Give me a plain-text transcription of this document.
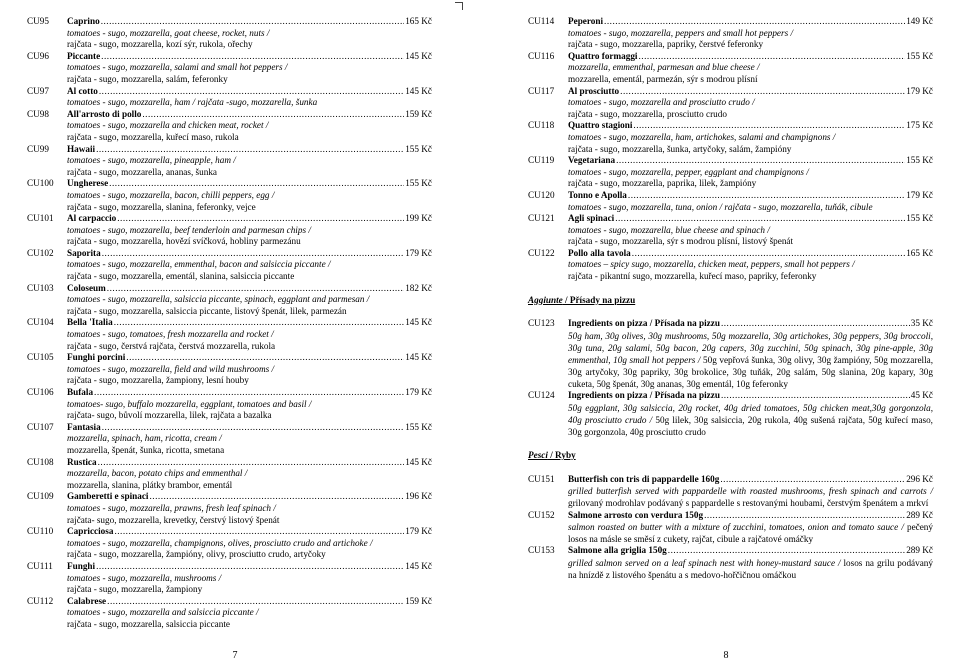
CU95	Caprino .....	165 Kč
tomatoes - sugo, mozzarella, goat cheese, rocket, nuts /
rajčata - sugo, mozzarella, kozí sýr, rukola, ořechy
CU96	Piccante .....	145 Kč
tomatoes - sugo, mozzarella, salami and small hot peppers /
rajčata - sugo, mozzarella, salám, feferonky
CU97	Al cotto .....	145 Kč
tomatoes - sugo, mozzarella, ham / rajčata -sugo, mozzarella, šunka
CU98	All'arrosto di pollo .....	159 Kč
tomatoes - sugo, mozzarella and chicken meat, rocket /
rajčata - sugo, mozzarella, kuřecí maso, rukola
CU99	Hawaii .....	155 Kč
tomatoes - sugo, mozzarella, pineapple, ham /
rajčata - sugo, mozzarella, ananas, šunka
CU100	Ungherese .....	155 Kč
tomatoes - sugo, mozzarella, bacon, chilli peppers, egg /
rajčata - sugo, mozzarella, slanina, feferonky, vejce
CU101	Al carpaccio .....	199 Kč
tomatoes - sugo, mozzarella, beef tenderloin and parmesan chips /
rajčata - sugo, mozzarella, hovězí svíčková, hobliny parmezánu
CU102	Saporita .....	179 Kč
tomatoes - sugo, mozzarella, emmenthal, bacon and salsiccia piccante /
rajčata - sugo, mozzarella, ementál, slanina, salsiccia piccante
CU103	Coloseum .....	182 Kč
tomatoes - sugo, mozzarella, salsiccia piccante, spinach, eggplant and parmesan /
rajčata - sugo, mozzarella, salsiccia piccante, listový špenát, lilek, parmezán
CU104	Bella 'Italia .....	145 Kč
tomatoes - sugo, tomatoes, fresh mozzarella and rocket /
rajčata - sugo, čerstvá rajčata, čerstvá mozzarella, rukola
CU105	Funghi porcini .....	145 Kč
tomatoes - sugo, mozzarella, field and wild mushrooms /
rajčata - sugo, mozzarella, žampiony, lesní houby
CU106	Bufala .....	179 Kč
tomatoes- sugo, buffalo mozzarella, eggplant, tomatoes and basil /
rajčata- sugo, bůvolí mozzarella, lilek, rajčata a bazalka
CU107	Fantasia .....	155 Kč
mozzarella, spinach, ham, ricotta, cream /
mozzarella, špenát, šunka, ricotta, smetana
CU108	Rustica .....	145 Kč
mozzarella, bacon, potato chips and emmenthal /
mozzarella, slanina, plátky brambor, ementál
CU109	Gamberetti e spinaci .....	196 Kč
tomatoes - sugo, mozzarella, prawns, fresh leaf spinach /
rajčata- sugo, mozzarella, krevetky, čerstvý listový špenát
CU110	Capricciosa .....	179 Kč
tomatoes - sugo, mozzarella, champignons, olives, prosciutto crudo and artichoke /
rajčata - sugo, mozzarella, žampióny, olivy, prosciutto crudo, artyčoky
CU111	Funghi .....	145 Kč
tomatoes - sugo, mozzarella, mushrooms /
rajčata - sugo, mozzarella, žampiony
CU112	Calabrese .....	159 Kč
tomatoes - sugo, mozzarella and salsiccia piccante /
rajčata - sugo, mozzarella, salsiccia piccante
7
CU114	Peperoni .....	149 Kč
tomatoes - sugo, mozzarella, peppers and small hot peppers /
rajčata - sugo, mozzarella, papriky, čerstvé feferonky
CU116	Quattro formaggi .....	155 Kč
mozzarella, emmenthal, parmesan and blue cheese /
mozzarella, ementál, parmezán, sýr s modrou plísní
CU117	Al prosciutto .....	179 Kč
tomatoes - sugo, mozzarella and prosciutto crudo /
rajčata - sugo, mozzarella, prosciutto crudo
CU118	Quattro stagioni .....	175 Kč
tomatoes - sugo, mozzarella, ham, artichokes, salami and champignons /
rajčata - sugo, mozzarella, šunka, artyčoky, salám, žampióny
CU119	Vegetariana .....	155 Kč
tomatoes - sugo, mozzarella, pepper, eggplant and champignons /
rajčata - sugo, mozzarella, paprika, lilek, žampióny
CU120	Tonno e Apolla .....	179 Kč
tomatoes - sugo, mozzarella, tuna, onion / rajčata - sugo, mozzarella, tuňák, cibule
CU121	Agli spinaci .....	155 Kč
tomatoes - sugo, mozzarella, blue cheese and spinach /
rajčata - sugo, mozzarella, sýr s modrou plísní, listový špenát
CU122	Pollo alla tavola .....	165 Kč
tomatoes – spicy sugo, mozzarella, chicken meat, peppers, small hot peppers /
rajčata - pikantní sugo, mozzarella, kuřecí maso, papriky, feferonky
Aggiunte / Přísady na pizzu
CU123	Ingredients on pizza / Přísada na pizzu .....	35 Kč
50g ham, 30g olives, 30g mushrooms, 50g mozzarella, 30g artichokes, 30g peppers, 30g broccoli, 30g tuna, 20g salami, 50g bacon, 20g capers, 30g zucchini, 50g spinach, 30g pine-apple, 30g emmenthal, 10g small hot peppers / 50g vepřová šunka, 30g olivy, 30g žampióny, 50g mozzarella, 30g artyčoky, 30g papriky, 30g brokolice, 30g tuňák, 20g salám, 50g slanina, 20g kapary, 30g cuketa, 50g špenát, 30g ananas, 30g ementál, 10g feferonky
CU124	Ingredients on pizza / Přísada na pizzu .....	45 Kč
50g eggplant, 30g salsiccia, 20g rocket, 40g dried tomatoes, 50g chicken meat,30g gorgonzola, 40g prosciutto crudo / 50g lilek, 30g salsiccia, 20g rukola, 40g sušená rajčata, 50g kuřecí maso, 30g gorgonzola, 40g prosciutto crudo
Pesci / Ryby
CU151	Butterfish con tris di pappardelle 160g .....	296 Kč
grilled butterfish served with pappardelle with roasted mushrooms, fresh spinach and carrots / grilovaný modrohlav podávaný s pappardelle s restovanými houbami, čerstvým špenátem a mrkví
CU152	Salmone arrosto con verdura 150g .....	289 Kč
salmon roasted on butter with a mixture of zucchini, tomatoes, onion and tomato sauce / pečený losos na másle se směsí z cukety, rajčat, cibule a rajčatové omáčky
CU153	Salmone alla griglia 150g .....	289 Kč
grilled salmon served on a leaf spinach nest with honey-mustard sauce / losos na grilu podávaný na hnízdě z listového špenátu a s medovo-hořčičnou omáčkou
8
